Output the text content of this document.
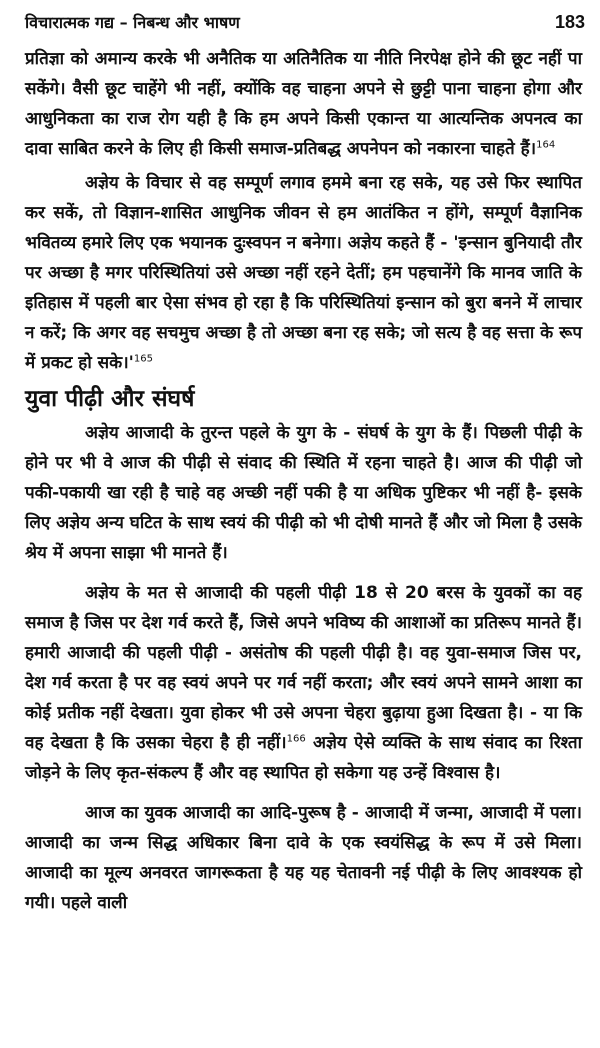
विचारात्मक गद्य – निबन्ध और भाषण	183

प्रतिज्ञा को अमान्य करके भी अनैतिक या अतिनैतिक या नीति निरपेक्ष होने की छूट नहीं पा सकेंगे। वैसी छूट चाहेंगे भी नहीं, क्योंकि वह चाहना अपने से छुट्टी पाना चाहना होगा और आधुनिकता का राज रोग यही है कि हम अपने किसी एकान्त या आत्यन्तिक अपनत्व का दावा साबित करने के लिए ही किसी समाज-प्रतिबद्ध अपनेपन को नकारना चाहते हैं।$^{164}$

अज्ञेय के विचार से वह सम्पूर्ण लगाव हममे बना रह सके, यह उसे फिर स्थापित कर सकें, तो विज्ञान-शासित आधुनिक जीवन से हम आतंकित न होंगे, सम्पूर्ण वैज्ञानिक भवितव्य हमारे लिए एक भयानक दुःस्वपन न बनेगा। अज्ञेय कहते हैं - 'इन्सान बुनियादी तौर पर अच्छा है मगर परिस्थितियां उसे अच्छा नहीं रहने देतीं; हम पहचानेंगे कि मानव जाति के इतिहास में पहली बार ऐसा संभव हो रहा है कि परिस्थितियां इन्सान को बुरा बनने में लाचार न करें; कि अगर वह सचमुच अच्छा है तो अच्छा बना रह सके; जो सत्य है वह सत्ता के रूप में प्रकट हो $सके।'^{165}$

युवा पीढ़ी और संघर्ष

अज्ञेय आजादी के तुरन्त पहले के युग के - संघर्ष के युग के हैं। पिछली पीढ़ी के होने पर भी वे आज की पीढ़ी से संवाद की स्थिति में रहना चाहते है। आज की पीढ़ी जो पकी-पकायी खा रही है चाहे वह अच्छी नहीं पकी है या अधिक पुष्टिकर भी नहीं है- इसके लिए अज्ञेय अन्य घटित के साथ स्वयं की पीढ़ी को भी दोषी मानते हैं और जो मिला है उसके श्रेय में अपना साझा भी मानते हैं।

अज्ञेय के मत से आजादी की पहली पीढ़ी 18 से 20 बरस के युवकों का वह समाज है जिस पर देश गर्व करते हैं, जिसे अपने भविष्य की आशाओं का प्रतिरूप मानते हैं। हमारी आजादी की पहली पीढ़ी - असंतोष की पहली पीढ़ी है। वह युवा-समाज जिस पर, देश गर्व करता है पर वह स्वयं अपने पर गर्व नहीं करता; और स्वयं अपने सामने आशा का कोई प्रतीक नहीं देखता। युवा होकर भी उसे अपना चेहरा बुढ़ाया हुआ दिखता है। - या कि वह देखता है कि उसका चेहरा है ही नहीं।$^{166}$ अज्ञेय ऐसे व्यक्ति के साथ संवाद का रिश्ता जोड़ने के लिए कृत-संकल्प हैं और वह स्थापित हो सकेगा यह उन्हें विश्वास है।

आज का युवक आजादी का आदि-पुरूष है - आजादी में जन्मा, आजादी में पला। आजादी का जन्म सिद्ध अधिकार बिना दावे के एक स्वयंसिद्ध के रूप में उसे मिला। आजादी का मूल्य अनवरत जागरूकता है यह यह चेतावनी नई पीढ़ी के लिए आवश्यक हो गयी। पहले वाली
